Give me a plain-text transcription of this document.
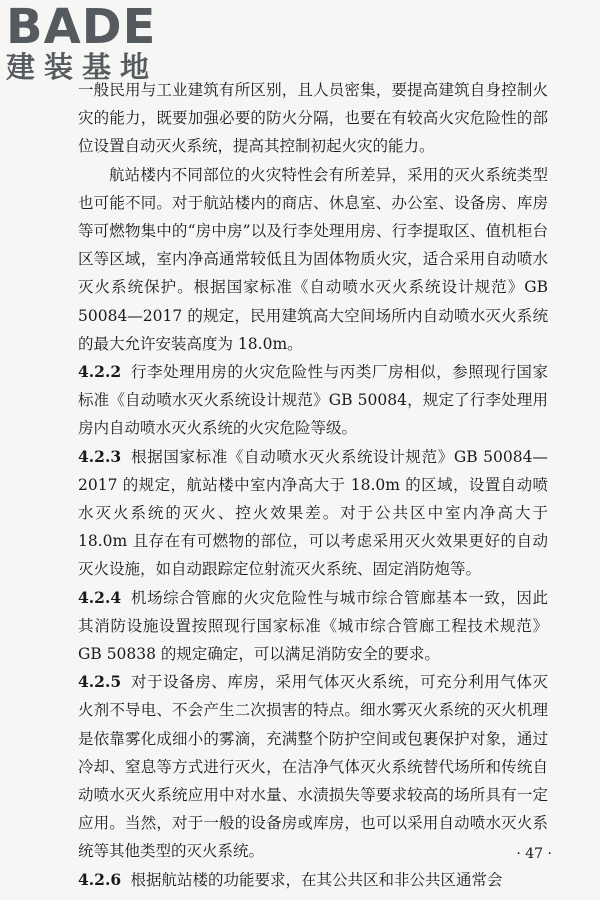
BADE
建装基地

一般民用与工业建筑有所区别，且人员密集，要提高建筑自身控制火灾的能力，既要加强必要的防火分隔，也要在有较高火灾危险性的部位设置自动灭火系统，提高其控制初起火灾的能力。

航站楼内不同部位的火灾特性会有所差异，采用的灭火系统类型也可能不同。对于航站楼内的商店、休息室、办公室、设备房、库房等可燃物集中的“房中房”以及行李处理用房、行李提取区、值机柜台区等区域，室内净高通常较低且为固体物质火灾，适合采用自动喷水灭火系统保护。根据国家标准《自动喷水灭火系统设计规范》GB 50084—2017 的规定，民用建筑高大空间场所内自动喷水灭火系统的最大允许安装高度为 18.0m。

4.2.2 行李处理用房的火灾危险性与丙类厂房相似，参照现行国家标准《自动喷水灭火系统设计规范》GB 50084，规定了行李处理用房内自动喷水灭火系统的火灾危险等级。

4.2.3 根据国家标准《自动喷水灭火系统设计规范》GB 50084—2017 的规定，航站楼中室内净高大于 18.0m 的区域，设置自动喷水灭火系统的灭火、控火效果差。对于公共区中室内净高大于 18.0m 且存在有可燃物的部位，可以考虑采用灭火效果更好的自动灭火设施，如自动跟踪定位射流灭火系统、固定消防炮等。

4.2.4 机场综合管廊的火灾危险性与城市综合管廊基本一致，因此其消防设施设置按照现行国家标准《城市综合管廊工程技术规范》GB 50838 的规定确定，可以满足消防安全的要求。

4.2.5 对于设备房、库房，采用气体灭火系统，可充分利用气体灭火剂不导电、不会产生二次损害的特点。细水雾灭火系统的灭火机理是依靠雾化成细小的雾滴，充满整个防护空间或包裹保护对象，通过冷却、窒息等方式进行灭火，在洁净气体灭火系统替代场所和传统自动喷水灭火系统应用中对水量、水渍损失等要求较高的场所具有一定应用。当然，对于一般的设备房或库房，也可以采用自动喷水灭火系统等其他类型的灭火系统。

4.2.6 根据航站楼的功能要求，在其公共区和非公共区通常会

· 47 ·
